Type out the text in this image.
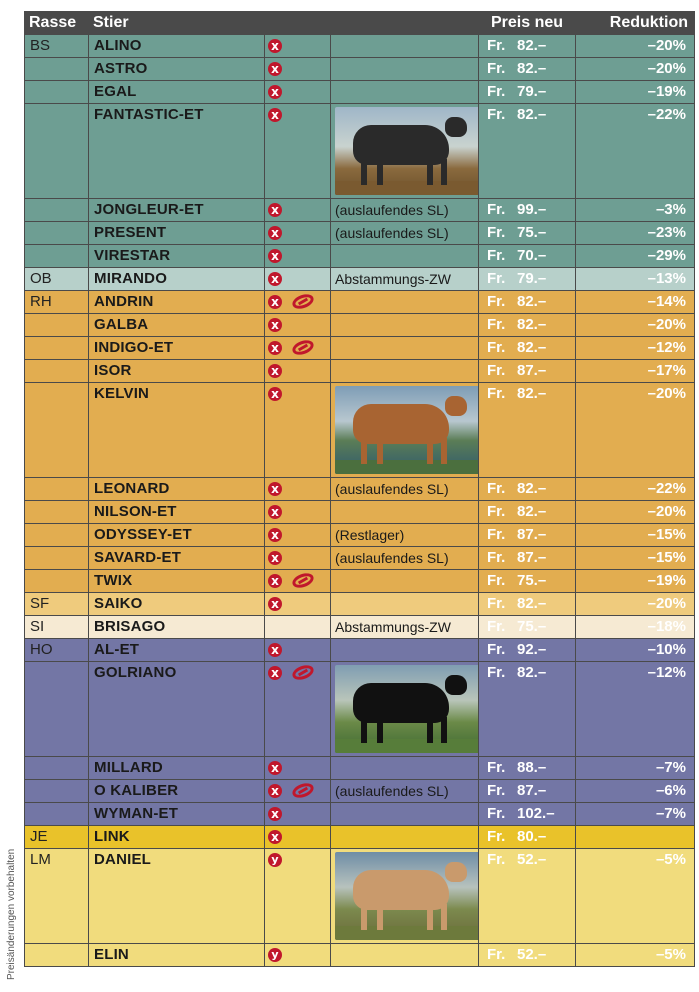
Rasse	Stier			Preis neu	Reduktion
BS	ALINO	x		Fr. 82.–	–20%
	ASTRO	x		Fr. 82.–	–20%
	EGAL	x		Fr. 79.–	–19%
	FANTASTIC-ET	x		Fr. 82.–	–22%
	JONGLEUR-ET	x	(auslaufendes SL)	Fr. 99.–	–3%
	PRESENT	x	(auslaufendes SL)	Fr. 75.–	–23%
	VIRESTAR	x		Fr. 70.–	–29%
OB	MIRANDO	x	Abstammungs-ZW	Fr. 79.–	–13%
RH	ANDRIN	x		Fr. 82.–	–14%
	GALBA	x		Fr. 82.–	–20%
	INDIGO-ET	x		Fr. 82.–	–12%
	ISOR	x		Fr. 87.–	–17%
	KELVIN	x		Fr. 82.–	–20%
	LEONARD	x	(auslaufendes SL)	Fr. 82.–	–22%
	NILSON-ET	x		Fr. 82.–	–20%
	ODYSSEY-ET	x	(Restlager)	Fr. 87.–	–15%
	SAVARD-ET	x	(auslaufendes SL)	Fr. 87.–	–15%
	TWIX	x		Fr. 75.–	–19%
SF	SAIKO	x		Fr. 82.–	–20%
SI	BRISAGO		Abstammungs-ZW	Fr. 75.–	–18%
HO	AL-ET	x		Fr. 92.–	–10%
	GOLRIANO	x		Fr. 82.–	–12%
	MILLARD	x		Fr. 88.–	–7%
	O KALIBER	x	(auslaufendes SL)	Fr. 87.–	–6%
	WYMAN-ET	x		Fr. 102.–	–7%
JE	LINK	x		Fr. 80.–	
LM	DANIEL	y		Fr. 52.–	–5%
	ELIN	y		Fr. 52.–	–5%
Preisänderungen vorbehalten
